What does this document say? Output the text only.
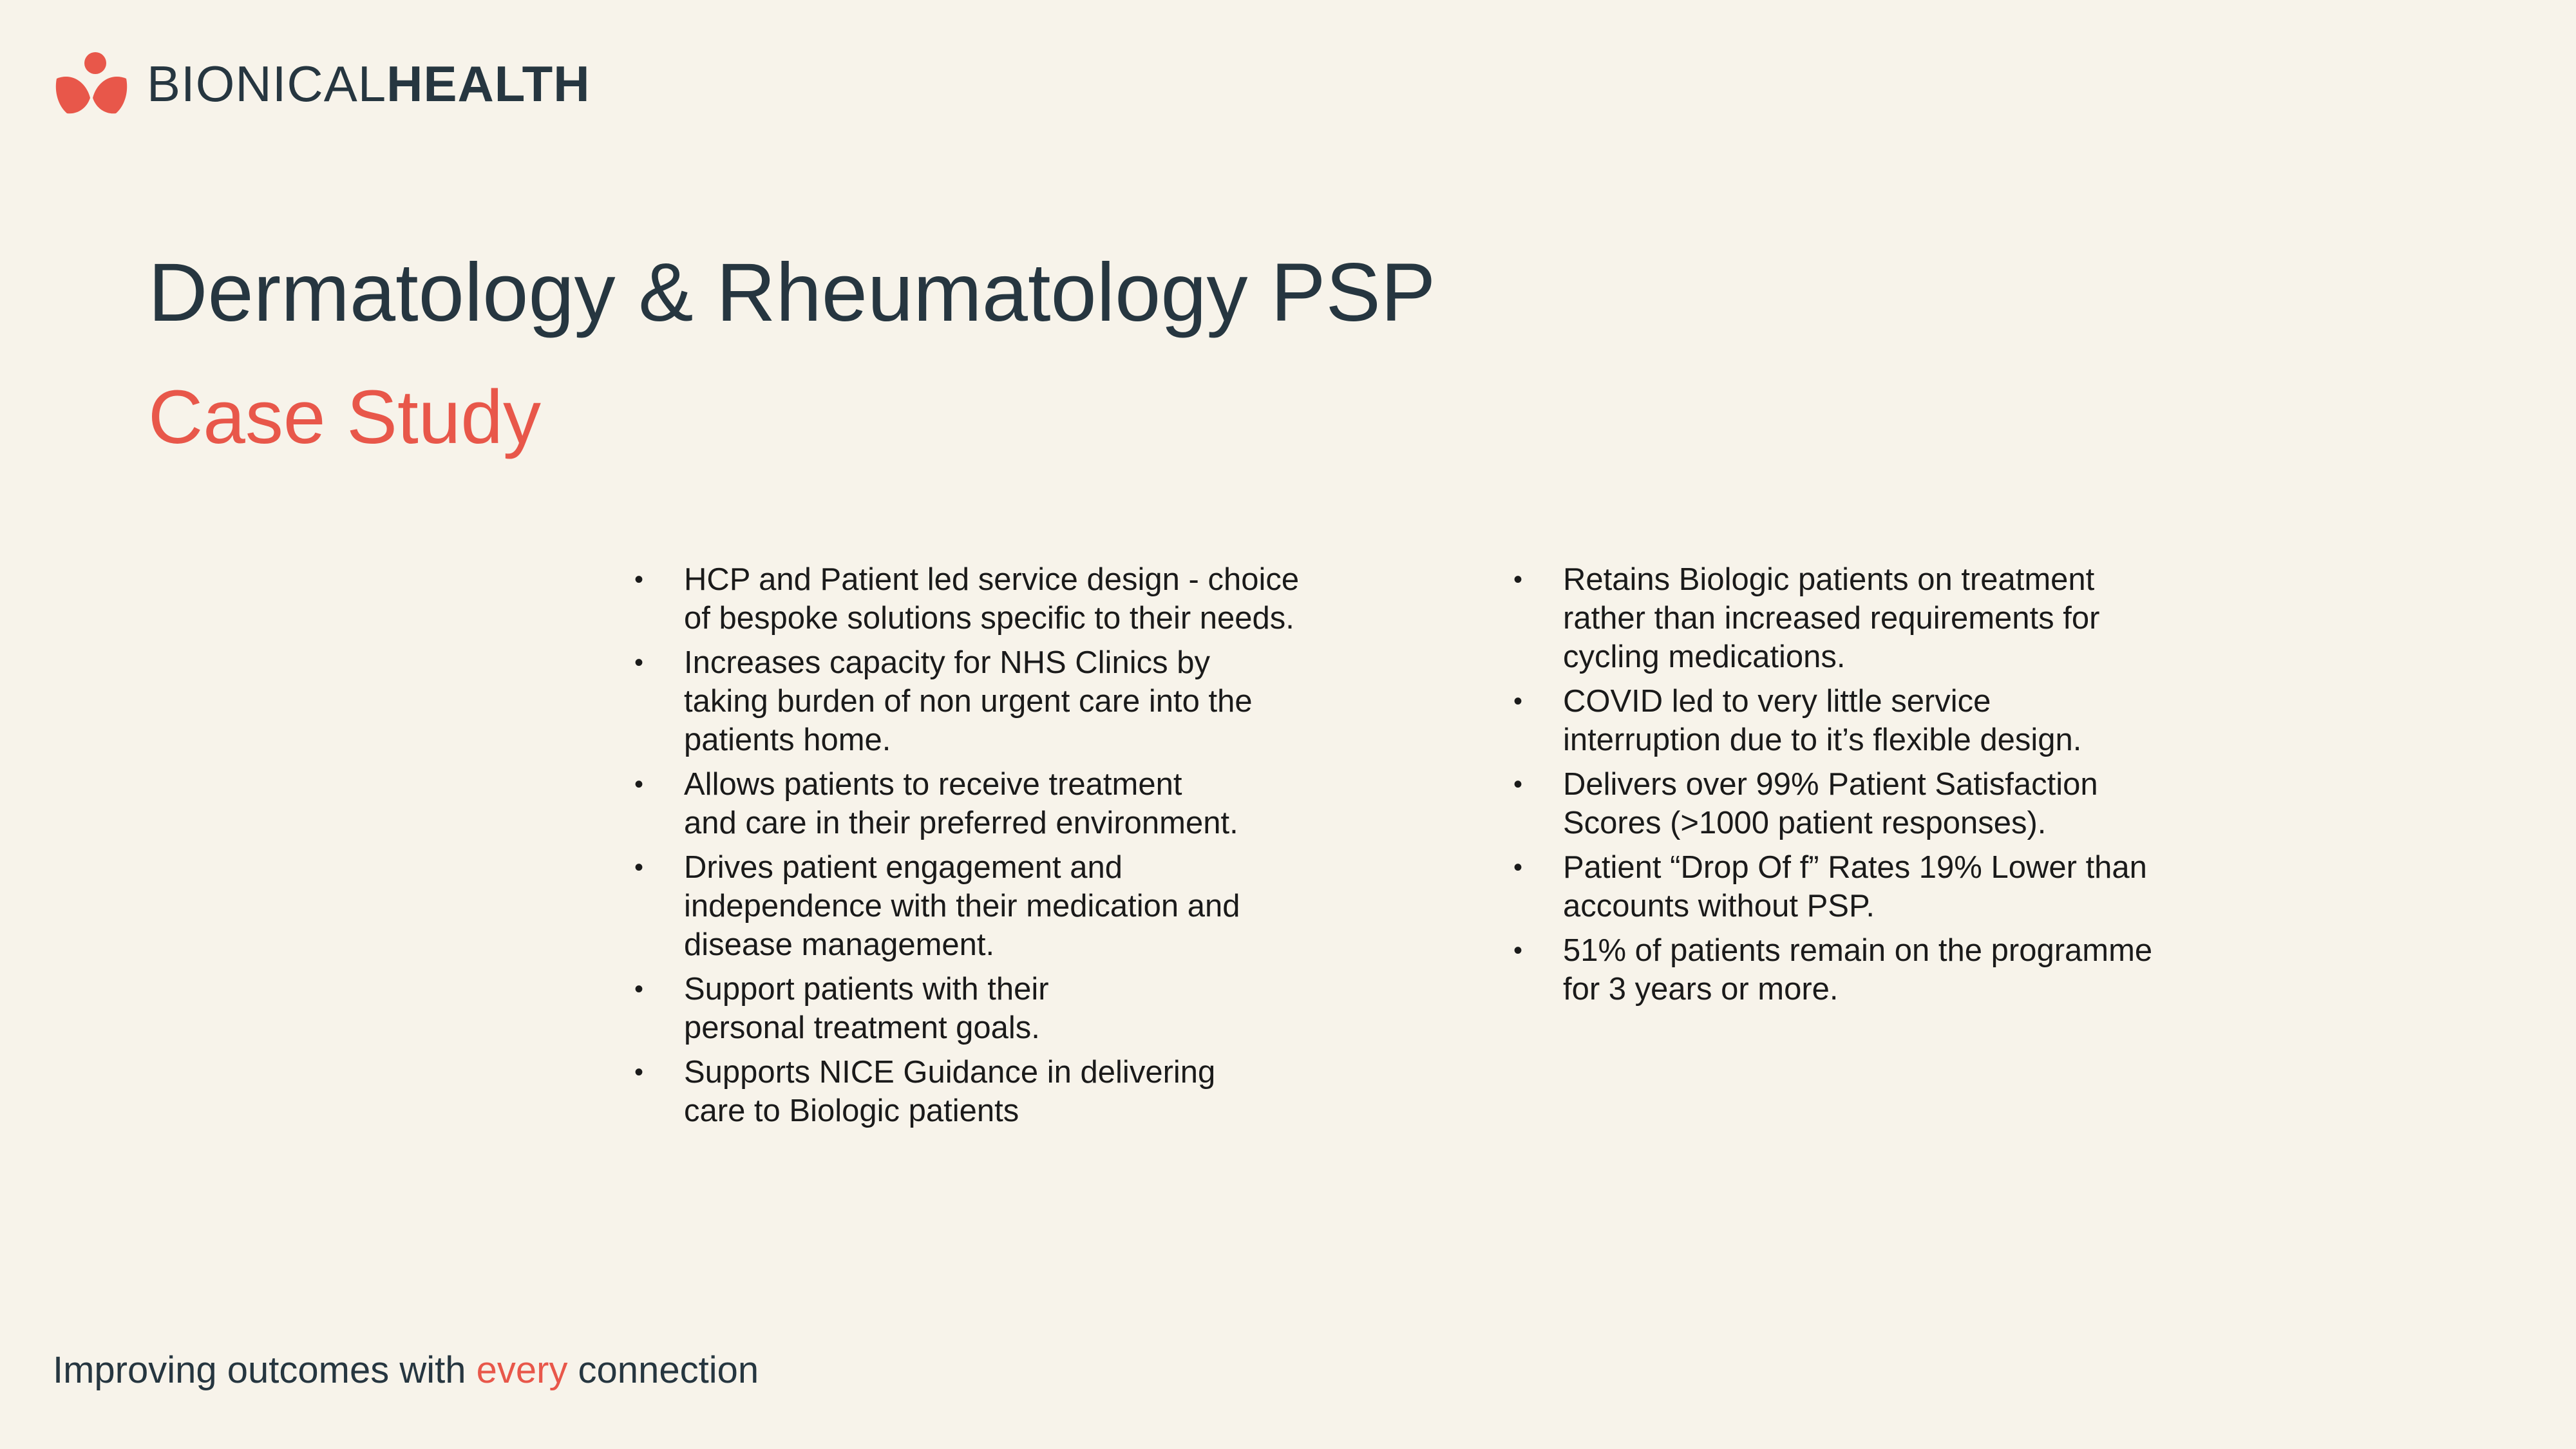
BIONICALHEALTH
Dermatology & Rheumatology PSP
Case Study
• HCP and Patient led service design - choice
of bespoke solutions specific to their needs.
• Increases capacity for NHS Clinics by
taking burden of non urgent care into the
patients home.
• Allows patients to receive treatment
and care in their preferred environment.
• Drives patient engagement and
independence with their medication and
disease management.
• Support patients with their
personal treatment goals.
• Supports NICE Guidance in delivering
care to Biologic patients
• Retains Biologic patients on treatment
rather than increased requirements for
cycling medications.
• COVID led to very little service
interruption due to it’s flexible design.
• Delivers over 99% Patient Satisfaction
Scores (>1000 patient responses).
• Patient “Drop Of f” Rates 19% Lower than
accounts without PSP.
• 51% of patients remain on the programme
for 3 years or more.
Improving outcomes with every connection
